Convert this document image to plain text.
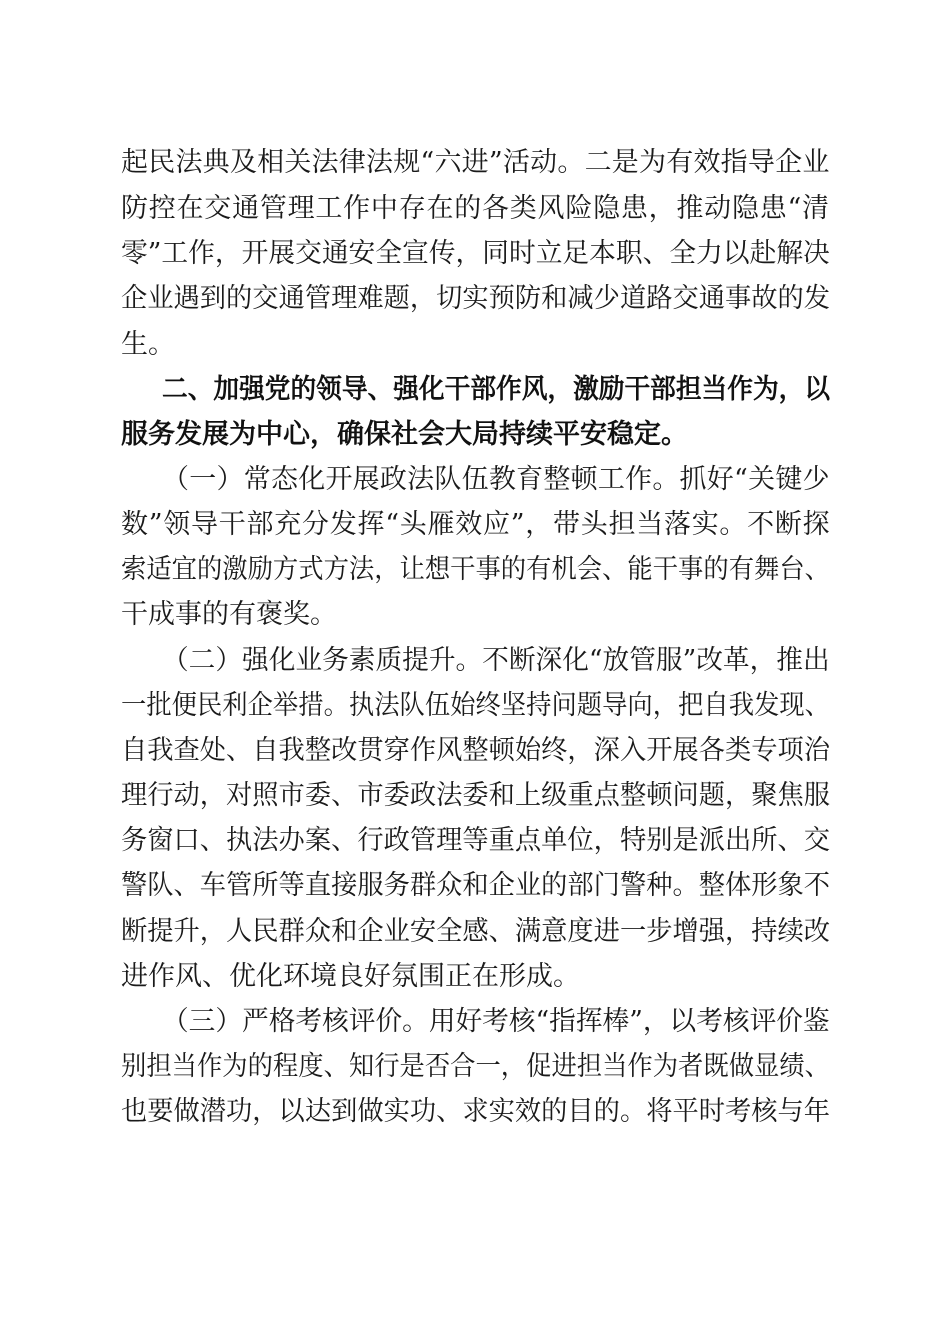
起民法典及相关法律法规“六进”活动。二是为有效指导企业
防控在交通管理工作中存在的各类风险隐患，推动隐患“清
零”工作，开展交通安全宣传，同时立足本职、全力以赴解决
企业遇到的交通管理难题，切实预防和减少道路交通事故的发
生。
二、加强党的领导、强化干部作风，激励干部担当作为，以
服务发展为中心，确保社会大局持续平安稳定。
（一）常态化开展政法队伍教育整顿工作。抓好“关键少
数”领导干部充分发挥“头雁效应”，带头担当落实。不断探
索适宜的激励方式方法，让想干事的有机会、能干事的有舞台、
干成事的有褒奖。
（二）强化业务素质提升。不断深化“放管服”改革，推出
一批便民利企举措。执法队伍始终坚持问题导向，把自我发现、
自我查处、自我整改贯穿作风整顿始终，深入开展各类专项治
理行动，对照市委、市委政法委和上级重点整顿问题，聚焦服
务窗口、执法办案、行政管理等重点单位，特别是派出所、交
警队、车管所等直接服务群众和企业的部门警种。整体形象不
断提升，人民群众和企业安全感、满意度进一步增强，持续改
进作风、优化环境良好氛围正在形成。
（三）严格考核评价。用好考核“指挥棒”，以考核评价鉴
别担当作为的程度、知行是否合一，促进担当作为者既做显绩、
也要做潜功，以达到做实功、求实效的目的。将平时考核与年
